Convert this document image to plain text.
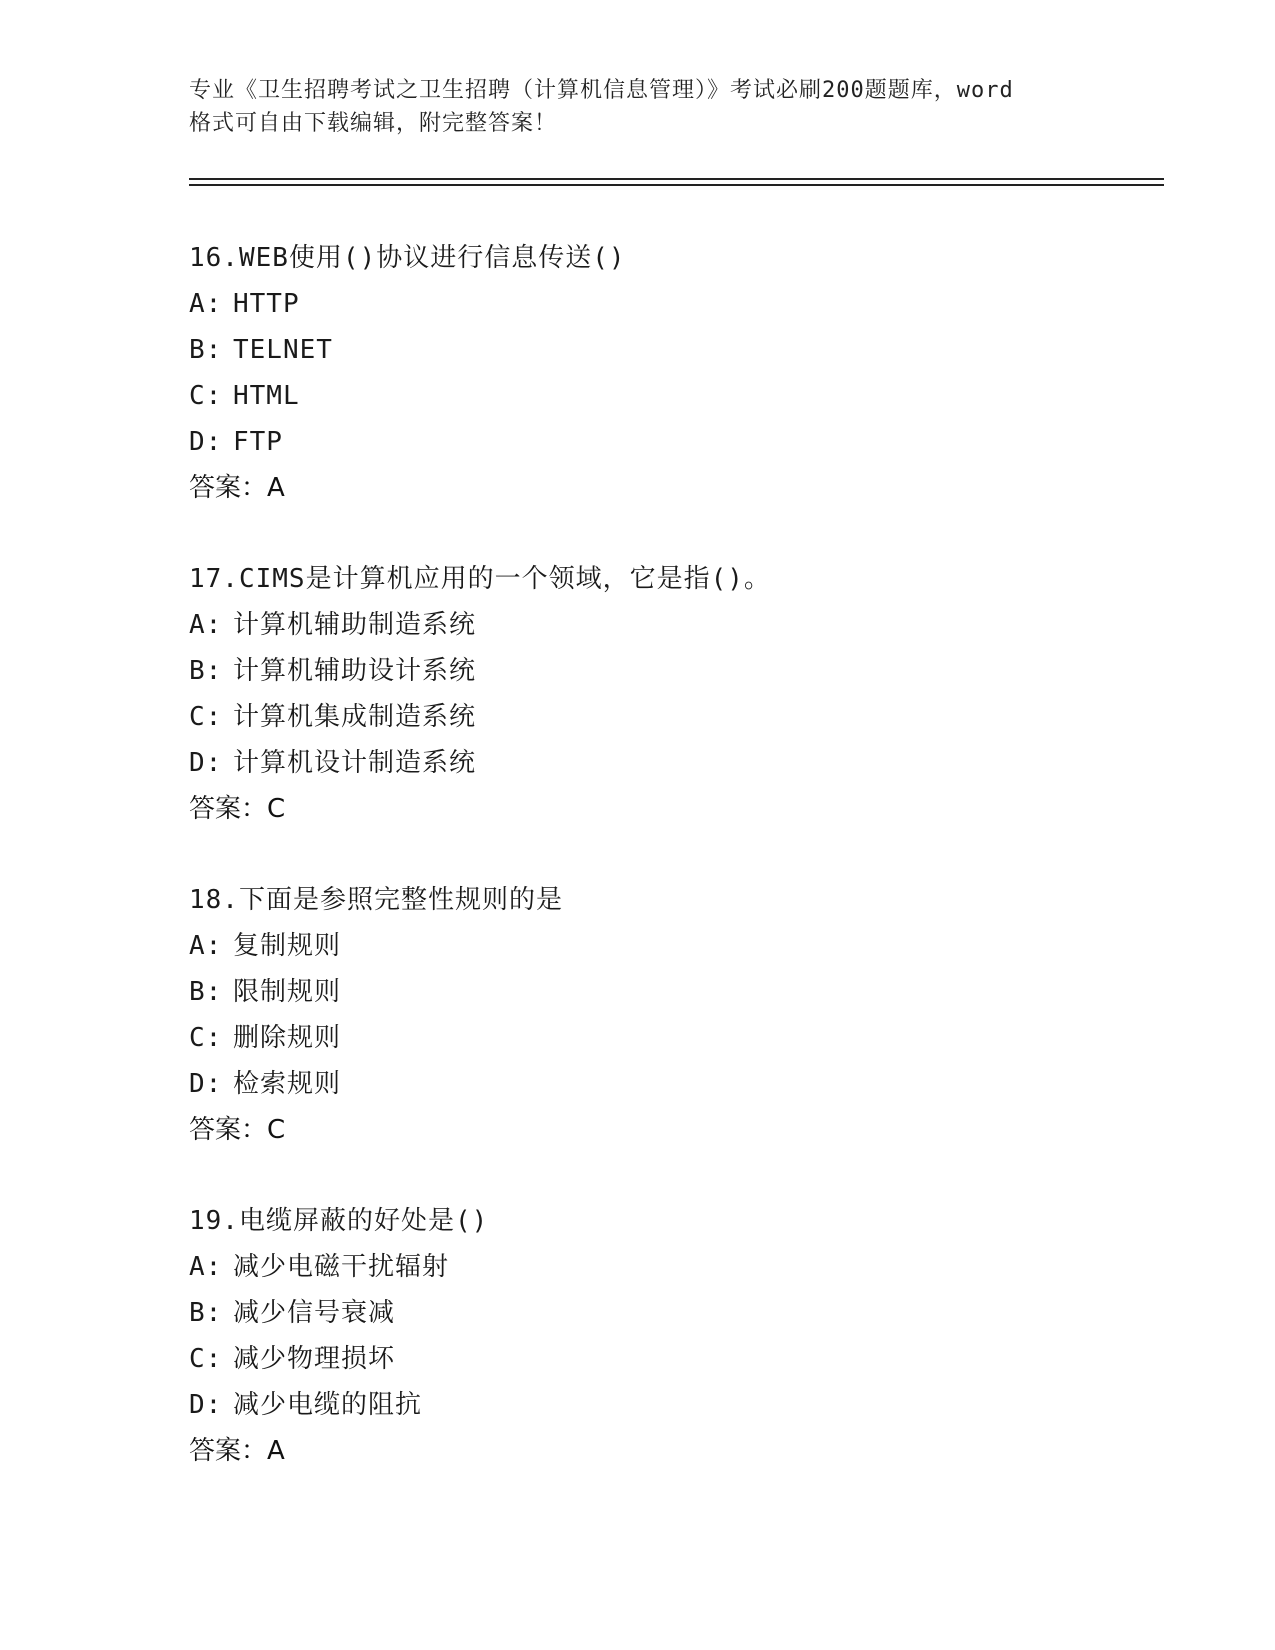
专业《卫生招聘考试之卫生招聘（计算机信息管理）》考试必刷200题题库，word
格式可自由下载编辑，附完整答案！
16.WEB使用()协议进行信息传送()
A: HTTP
B: TELNET
C: HTML
D: FTP
答案：A
17.CIMS是计算机应用的一个领域，它是指()。
A: 计算机辅助制造系统
B: 计算机辅助设计系统
C: 计算机集成制造系统
D: 计算机设计制造系统
答案：C
18.下面是参照完整性规则的是
A: 复制规则
B: 限制规则
C: 删除规则
D: 检索规则
答案：C
19.电缆屏蔽的好处是()
A: 减少电磁干扰辐射
B: 减少信号衰减
C: 减少物理损坏
D: 减少电缆的阻抗
答案：A
